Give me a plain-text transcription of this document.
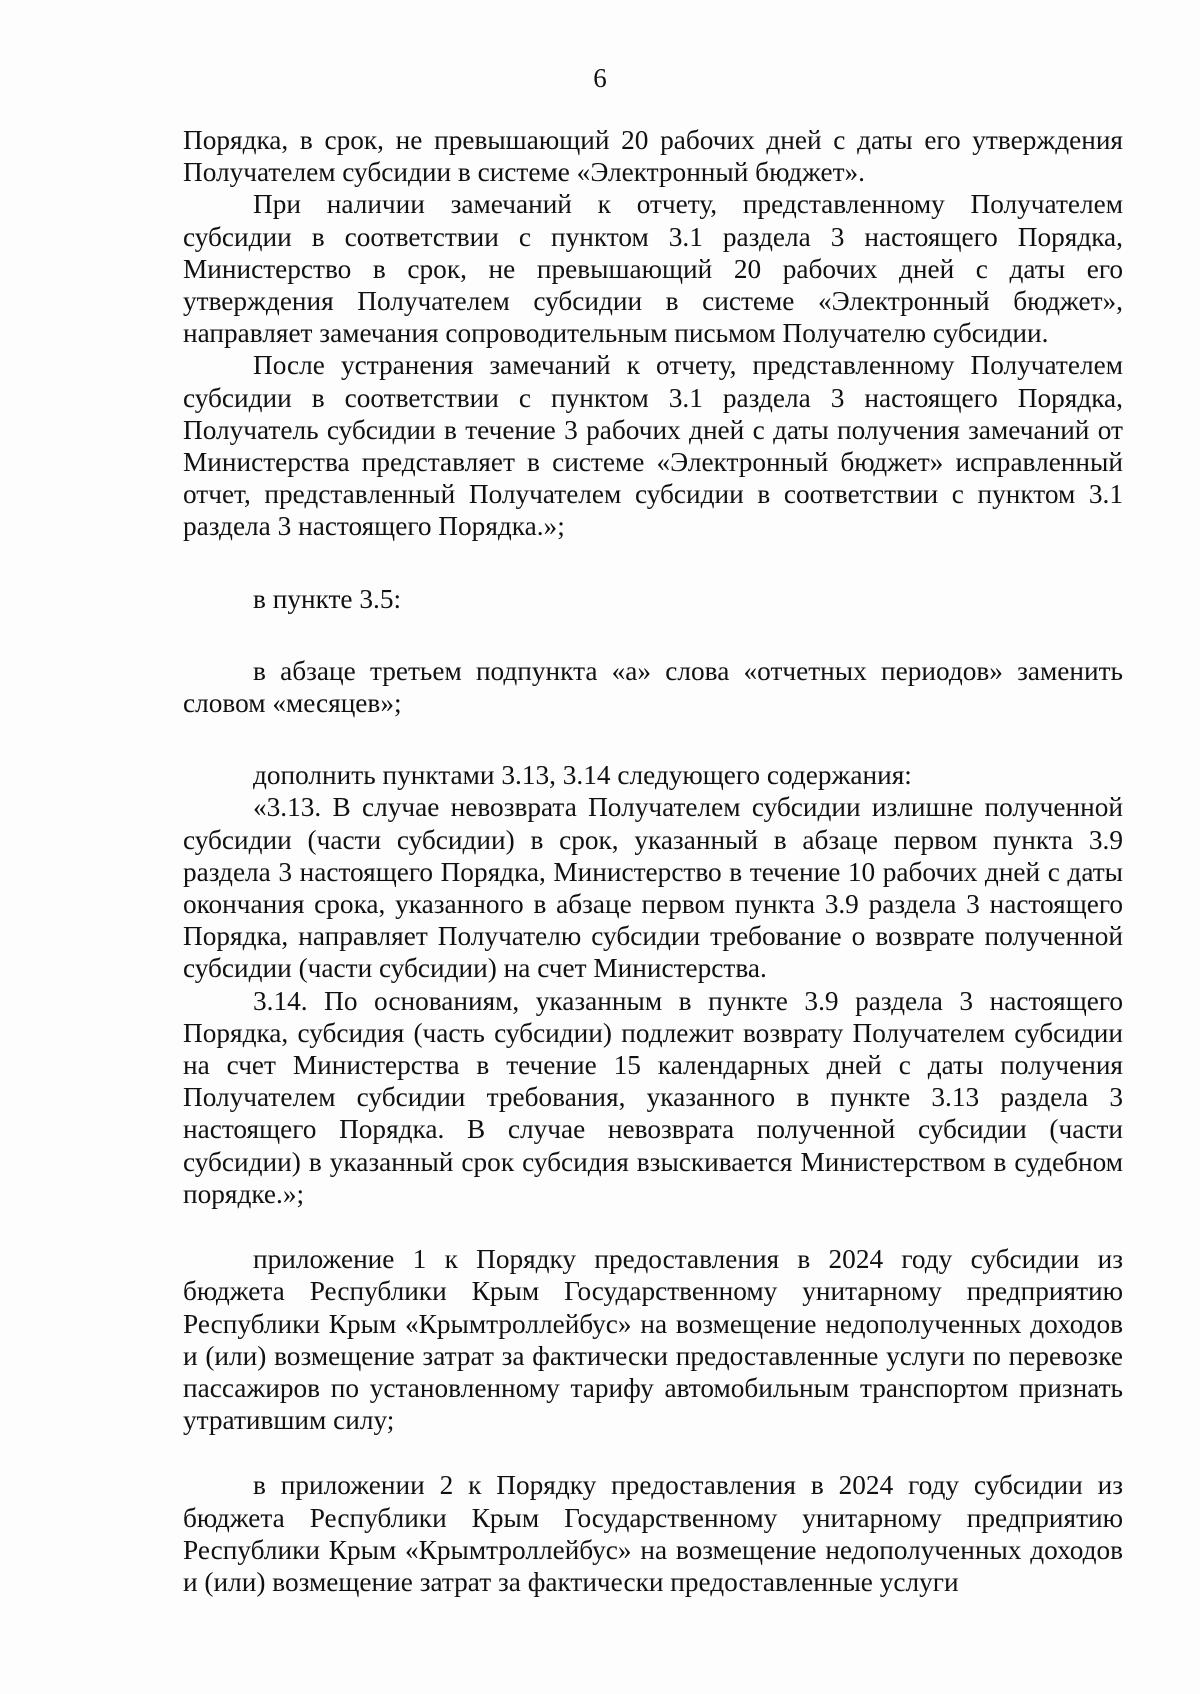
6

Порядка, в срок, не превышающий 20 рабочих дней с даты его утверждения Получателем субсидии в системе «Электронный бюджет».

При наличии замечаний к отчету, представленному Получателем субсидии в соответствии с пунктом 3.1 раздела 3 настоящего Порядка, Министерство в срок, не превышающий 20 рабочих дней с даты его утверждения Получателем субсидии в системе «Электронный бюджет», направляет замечания сопроводительным письмом Получателю субсидии.

После устранения замечаний к отчету, представленному Получателем субсидии в соответствии с пунктом 3.1 раздела 3 настоящего Порядка, Получатель субсидии в течение 3 рабочих дней с даты получения замечаний от Министерства представляет в системе «Электронный бюджет» исправленный отчет, представленный Получателем субсидии в соответствии с пунктом 3.1 раздела 3 настоящего Порядка.»;

в пункте 3.5:

в абзаце третьем подпункта «а» слова «отчетных периодов» заменить словом «месяцев»;

дополнить пунктами 3.13, 3.14 следующего содержания:

«3.13. В случае невозврата Получателем субсидии излишне полученной субсидии (части субсидии) в срок, указанный в абзаце первом пункта 3.9 раздела 3 настоящего Порядка, Министерство в течение 10 рабочих дней с даты окончания срока, указанного в абзаце первом пункта 3.9 раздела 3 настоящего Порядка, направляет Получателю субсидии требование о возврате полученной субсидии (части субсидии) на счет Министерства.

3.14. По основаниям, указанным в пункте 3.9 раздела 3 настоящего Порядка, субсидия (часть субсидии) подлежит возврату Получателем субсидии на счет Министерства в течение 15 календарных дней с даты получения Получателем субсидии требования, указанного в пункте 3.13 раздела 3 настоящего Порядка. В случае невозврата полученной субсидии (части субсидии) в указанный срок субсидия взыскивается Министерством в судебном порядке.»;

приложение 1 к Порядку предоставления в 2024 году субсидии из бюджета Республики Крым Государственному унитарному предприятию Республики Крым «Крымтроллейбус» на возмещение недополученных доходов и (или) возмещение затрат за фактически предоставленные услуги по перевозке пассажиров по установленному тарифу автомобильным транспортом признать утратившим силу;

в приложении 2 к Порядку предоставления в 2024 году субсидии из бюджета Республики Крым Государственному унитарному предприятию Республики Крым «Крымтроллейбус» на возмещение недополученных доходов и (или) возмещение затрат за фактически предоставленные услуги
